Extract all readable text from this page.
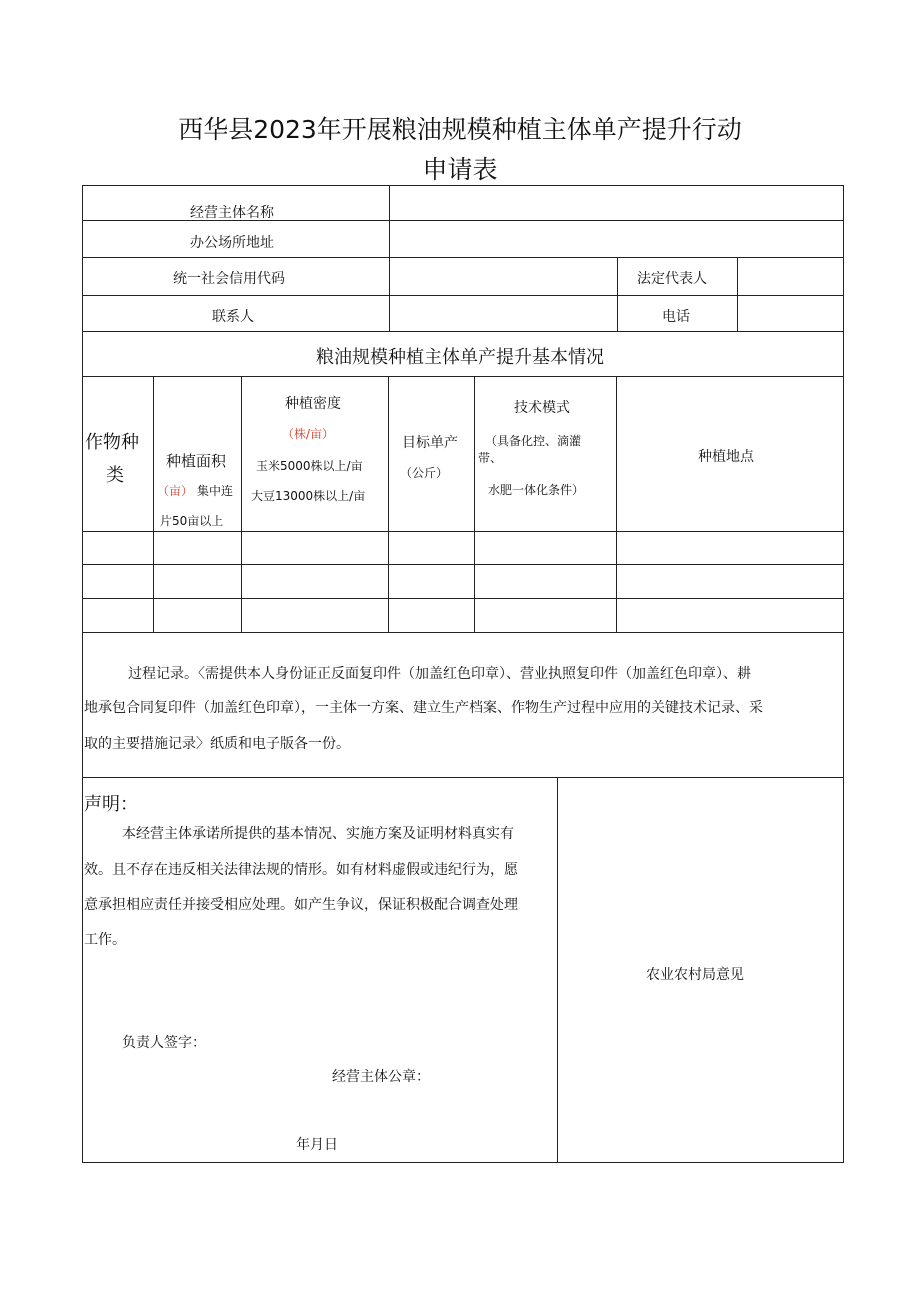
西华县2023年开展粮油规模种植主体单产提升行动
申请表
经营主体名称
办公场所地址
统一社会信用代码	法定代表人
联系人	电话
粮油规模种植主体单产提升基本情况
作物种
类
种植面积
（亩） 集中连
片50亩以上
种植密度
（株/亩）
玉米5000株以上/亩
大豆13000株以上/亩
目标单产
（公斤）
技术模式
（具备化控、滴灌
带、
水肥一体化条件）
种植地点
过程记录。〈需提供本人身份证正反面复印件（加盖红色印章）、营业执照复印件（加盖红色印章）、耕
地承包合同复印件（加盖红色印章），一主体一方案、建立生产档案、作物生产过程中应用的关键技术记录、采
取的主要措施记录〉纸质和电子版各一份。
声明：
本经营主体承诺所提供的基本情况、实施方案及证明材料真实有
效。且不存在违反相关法律法规的情形。如有材料虚假或违纪行为，愿
意承担相应责任并接受相应处理。如产生争议，保证积极配合调查处理
工作。
负责人签字：
经营主体公章：
年月日
农业农村局意见
